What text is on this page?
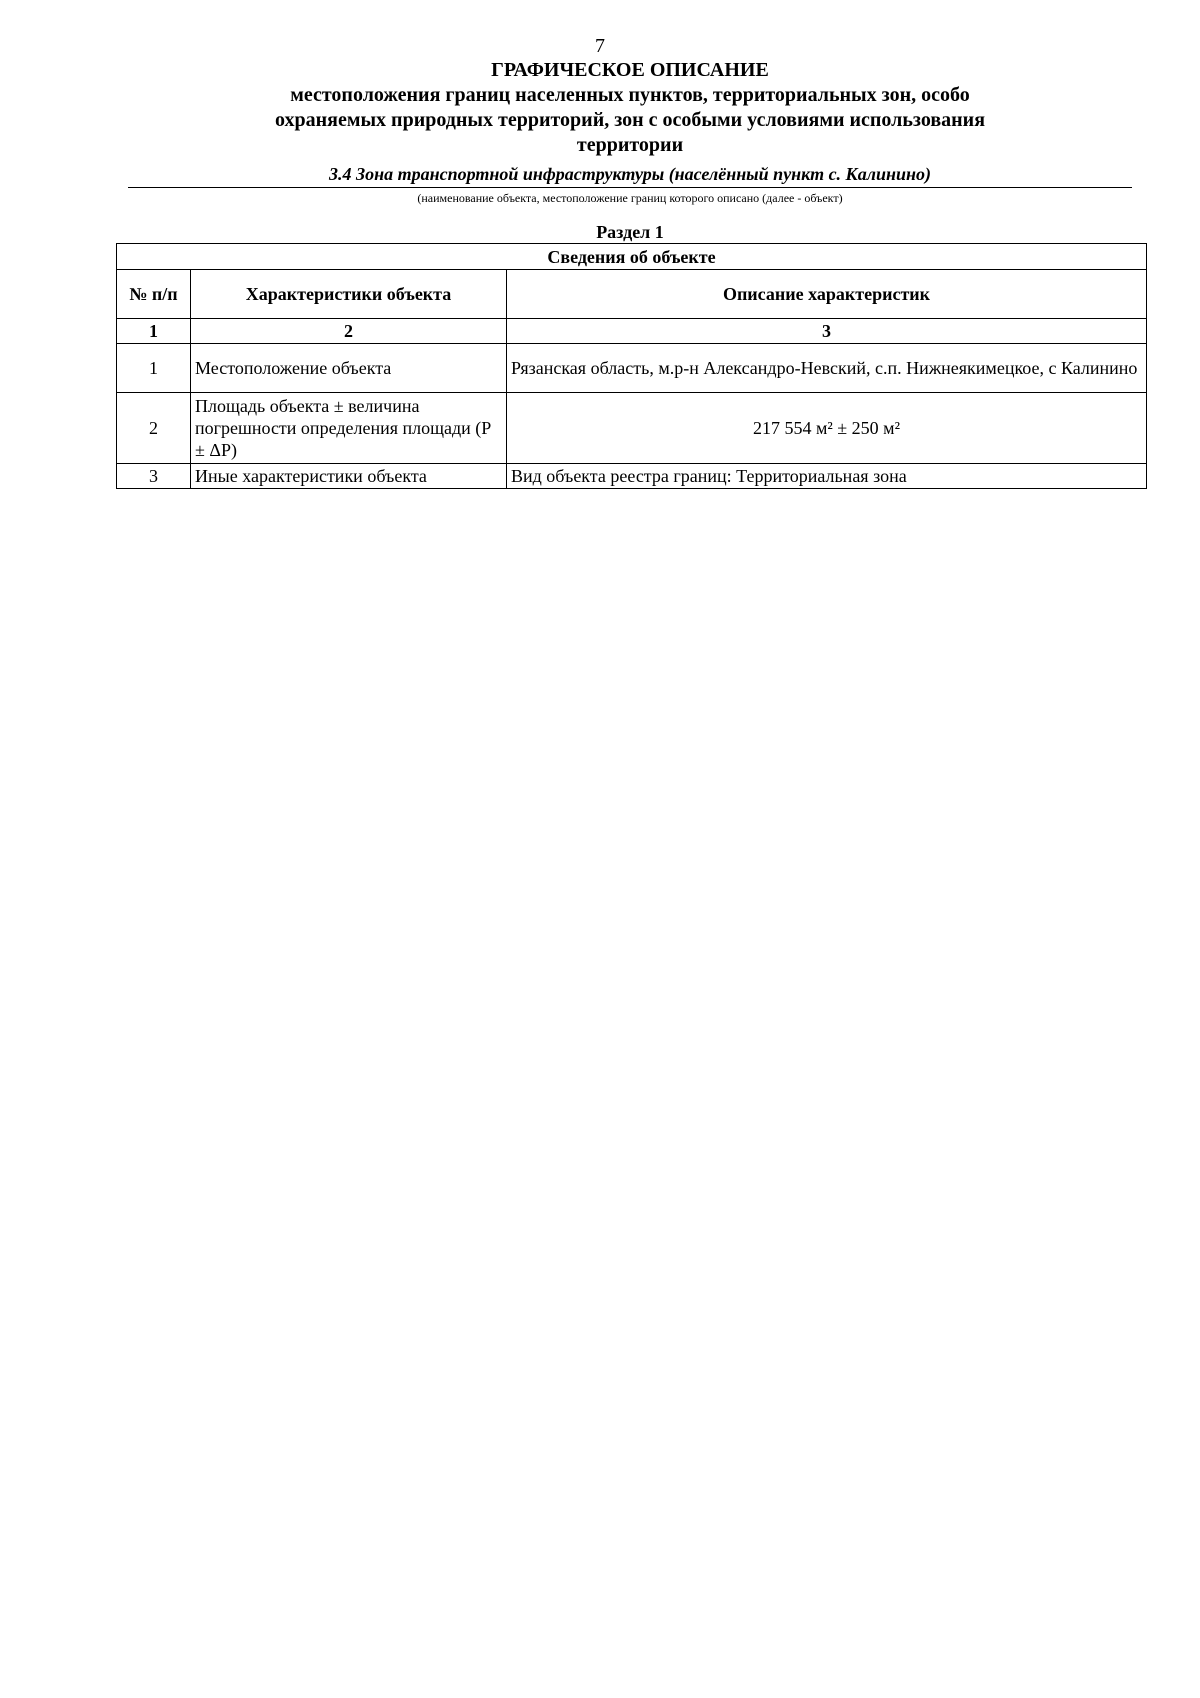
7
ГРАФИЧЕСКОЕ ОПИСАНИЕ
местоположения границ населенных пунктов, территориальных зон, особо охраняемых природных территорий, зон с особыми условиями использования территории
3.4 Зона транспортной инфраструктуры (населённый пункт с. Калинино)
(наименование объекта, местоположение границ которого описано (далее - объект)
Раздел 1
Сведения об объекте		
№ п/п	Характеристики объекта	Описание характеристик
1	2	3
1	Местоположение объекта	Рязанская область, м.р-н Александро-Невский, с.п. Нижнеякимецкое, с Калинино
2	Площадь объекта ± величина погрешности определения площади (P ± ΔP)	217 554 м² ± 250 м²
3	Иные характеристики объекта	Вид объекта реестра границ: Территориальная зона
